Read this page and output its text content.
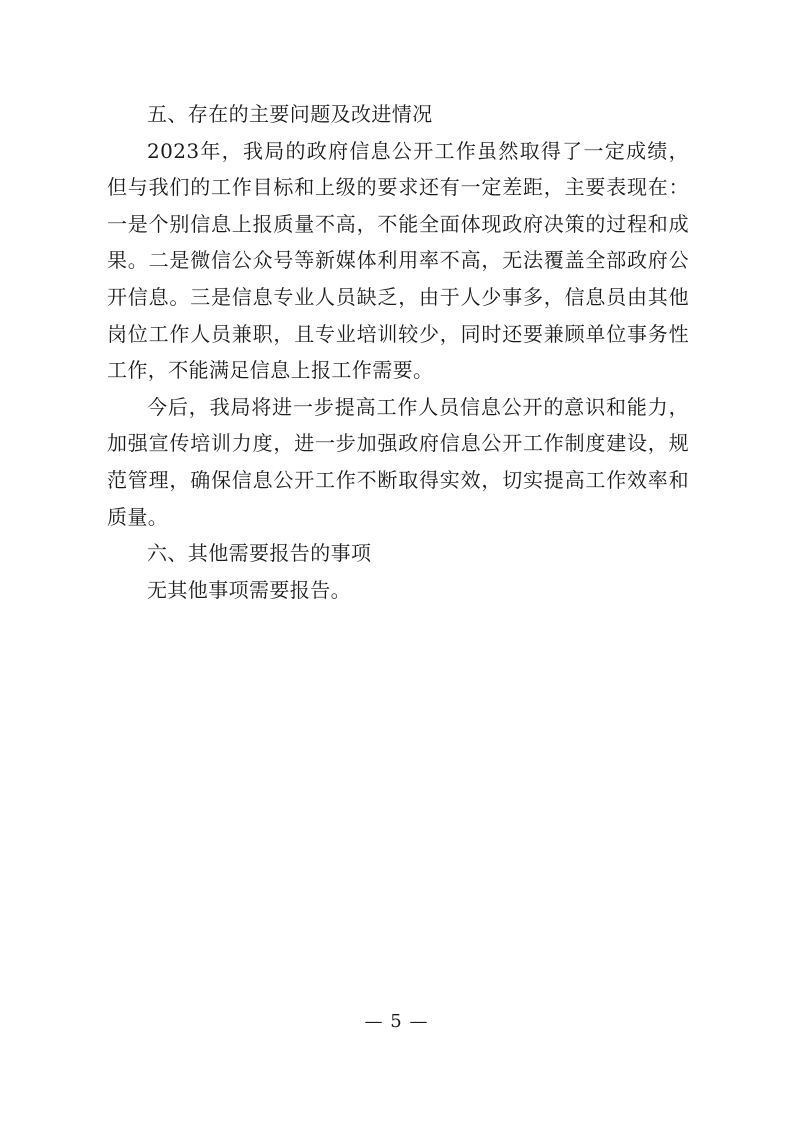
五、存在的主要问题及改进情况

2023年，我局的政府信息公开工作虽然取得了一定成绩，但与我们的工作目标和上级的要求还有一定差距，主要表现在：一是个别信息上报质量不高，不能全面体现政府决策的过程和成果。二是微信公众号等新媒体利用率不高，无法覆盖全部政府公开信息。三是信息专业人员缺乏，由于人少事多，信息员由其他岗位工作人员兼职，且专业培训较少，同时还要兼顾单位事务性工作，不能满足信息上报工作需要。

今后，我局将进一步提高工作人员信息公开的意识和能力，加强宣传培训力度，进一步加强政府信息公开工作制度建设，规范管理，确保信息公开工作不断取得实效，切实提高工作效率和质量。

六、其他需要报告的事项

无其他事项需要报告。

— 5 —
